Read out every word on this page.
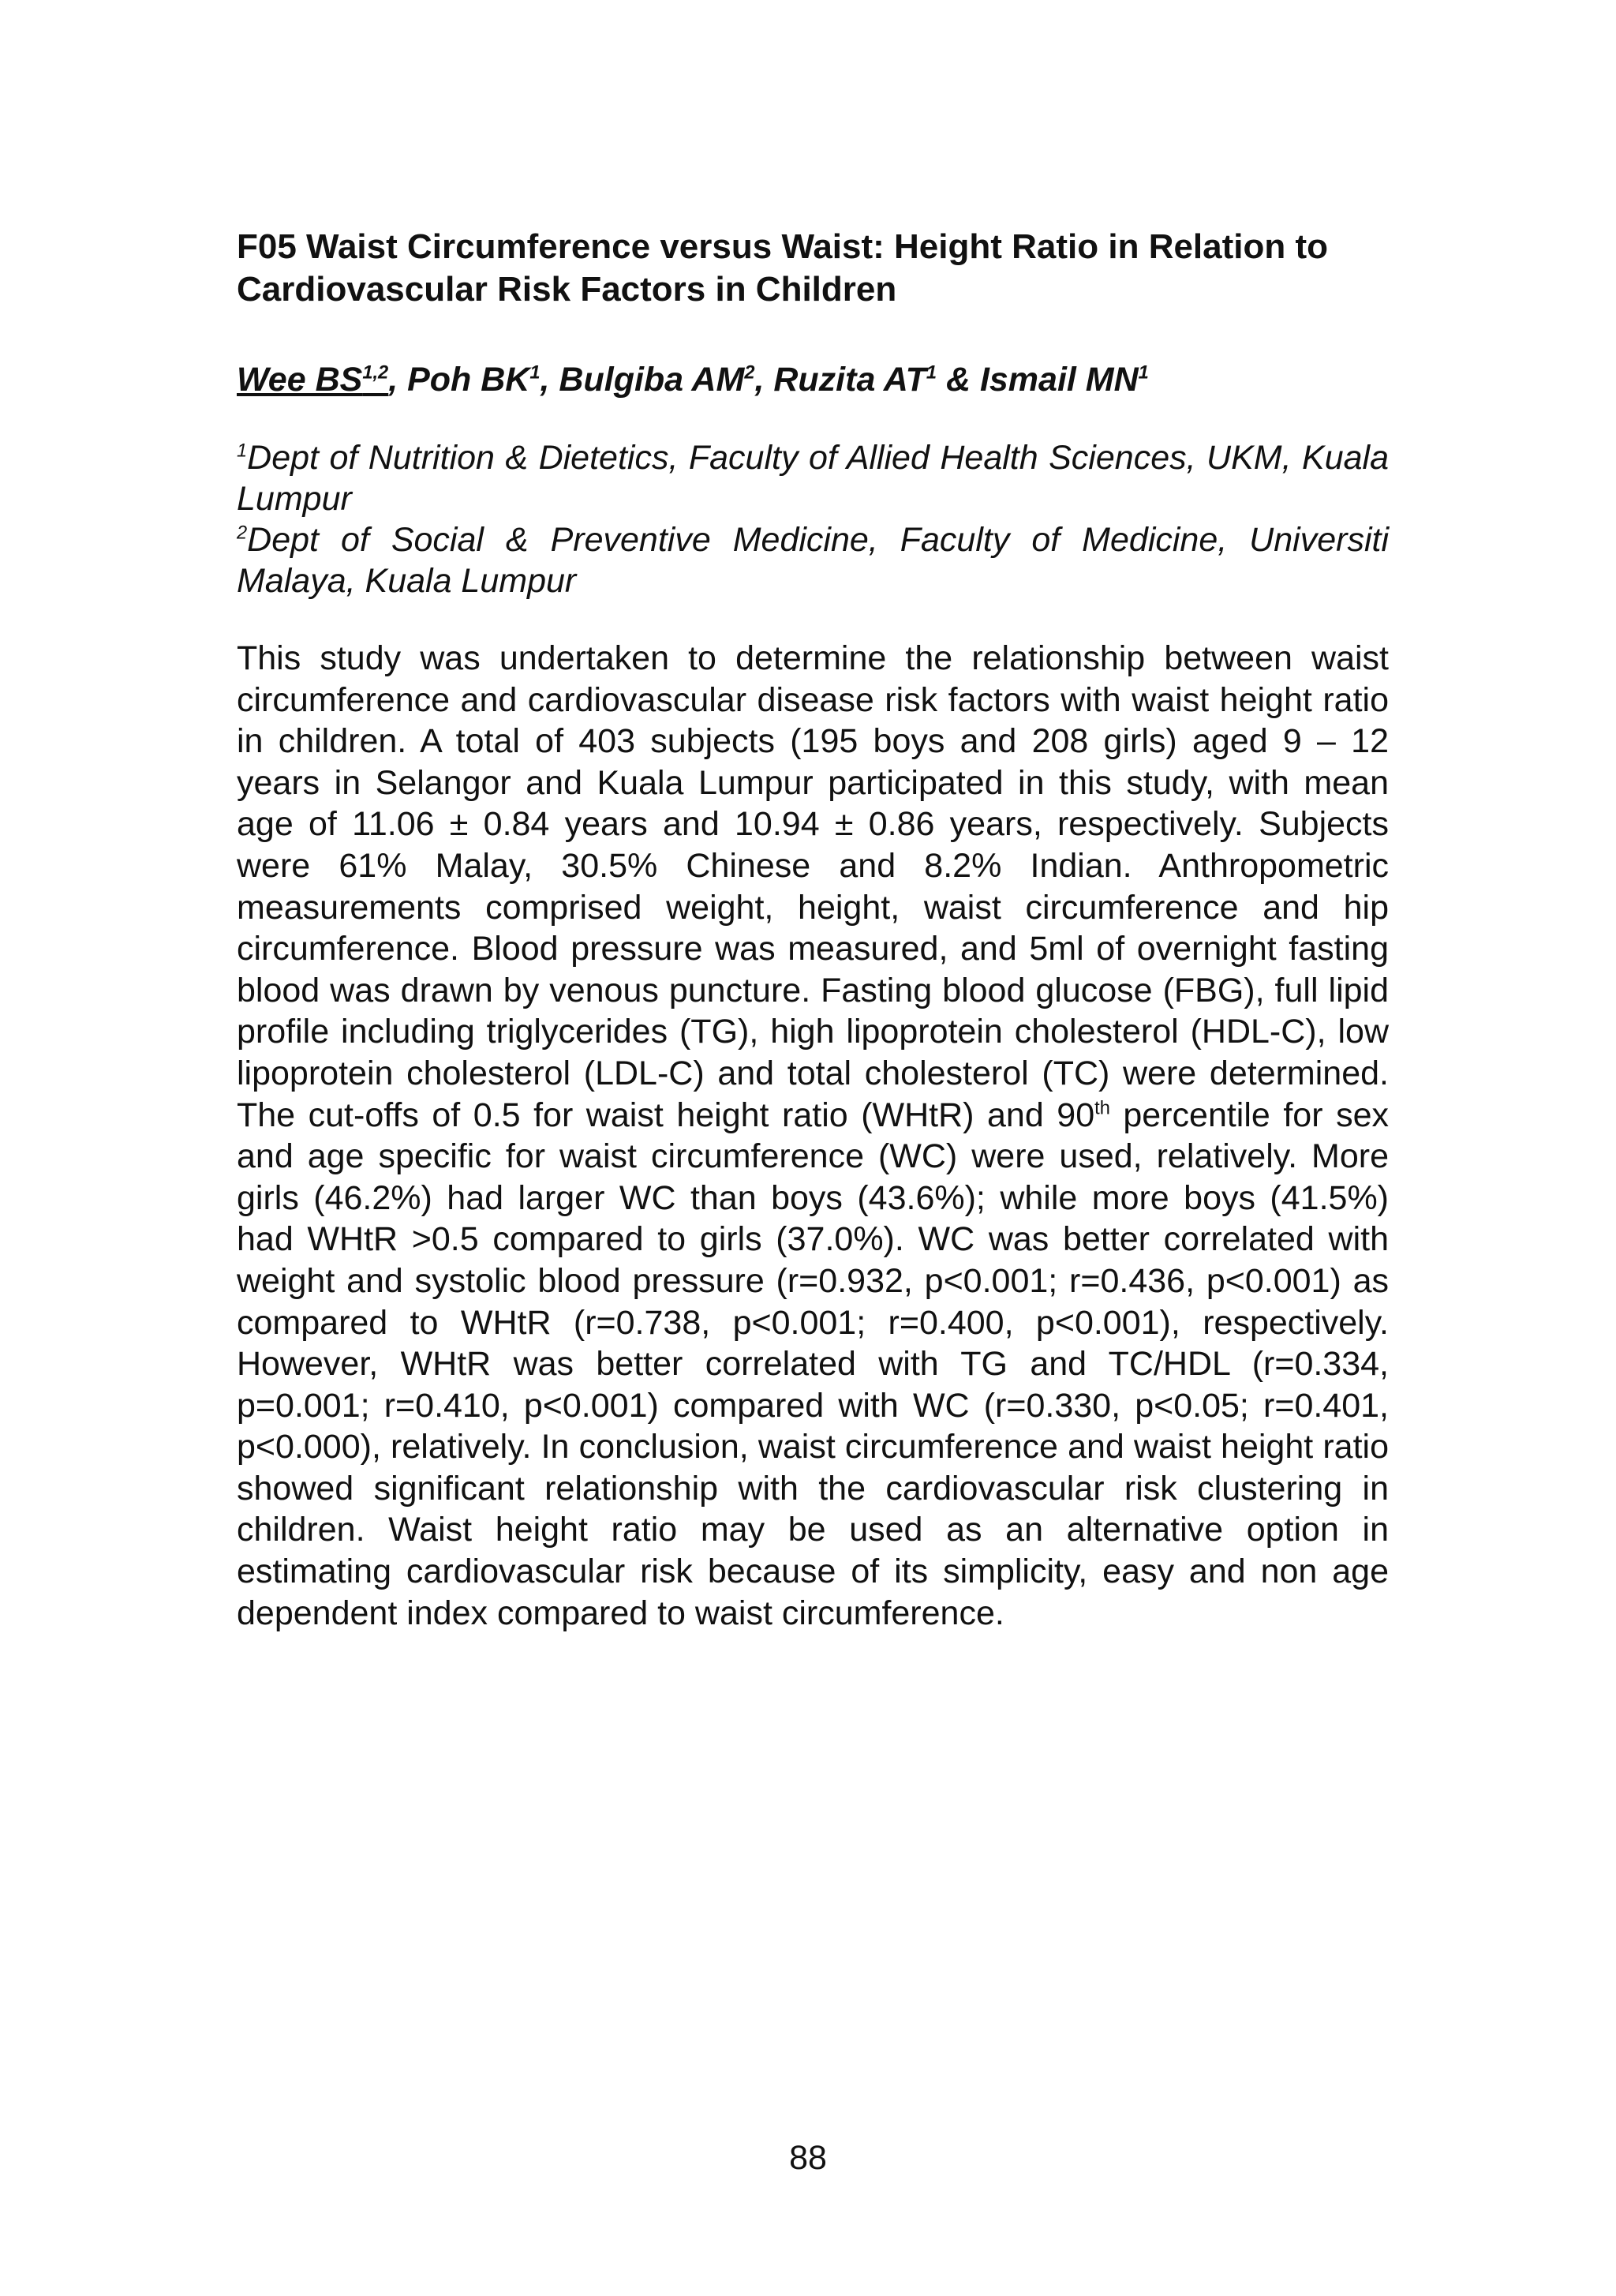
F05 Waist Circumference versus Waist: Height Ratio in Relation to Cardiovascular Risk Factors in Children
Wee BS$^{1,2}$, Poh $BK^1$, Bulgiba $AM^2$, Ruzita $AT^1$ & Ismail $MN^1$
$^1$Dept of Nutrition & Dietetics, Faculty of Allied Health Sciences, UKM, Kuala Lumpur
$^2$Dept of Social & Preventive Medicine, Faculty of Medicine, Universiti Malaya, Kuala Lumpur

This study was undertaken to determine the relationship between waist circumference and cardiovascular disease risk factors with waist height ratio in children. A total of 403 subjects (195 boys and 208 girls) aged 9 – 12 years in Selangor and Kuala Lumpur participated in this study, with mean age of 11.06 ± 0.84 years and 10.94 ± 0.86 years, respectively. Subjects were 61% Malay, 30.5% Chinese and 8.2% Indian. Anthropometric measurements comprised weight, height, waist circumference and hip circumference. Blood pressure was measured, and 5ml of overnight fasting blood was drawn by venous puncture. Fasting blood glucose (FBG), full lipid profile including triglycerides (TG), high lipoprotein cholesterol (HDL-C), low lipoprotein cholesterol (LDL-C) and total cholesterol (TC) were determined. The cut-offs of 0.5 for waist height ratio (WHtR) and 90th percentile for sex and age specific for waist circumference (WC) were used, relatively. More girls (46.2%) had larger WC than boys (43.6%); while more boys (41.5%) had WHtR >0.5 compared to girls (37.0%). WC was better correlated with weight and systolic blood pressure (r=0.932, p<0.001; r=0.436, p<0.001) as compared to WHtR (r=0.738, p<0.001; r=0.400, p<0.001), respectively. However, WHtR was better correlated with TG and TC/HDL (r=0.334, p=0.001; r=0.410, p<0.001) compared with WC (r=0.330, p<0.05; r=0.401, p<0.000), relatively. In conclusion, waist circumference and waist height ratio showed significant relationship with the cardiovascular risk clustering in children. Waist height ratio may be used as an alternative option in estimating cardiovascular risk because of its simplicity, easy and non age dependent index compared to waist circumference.

88
